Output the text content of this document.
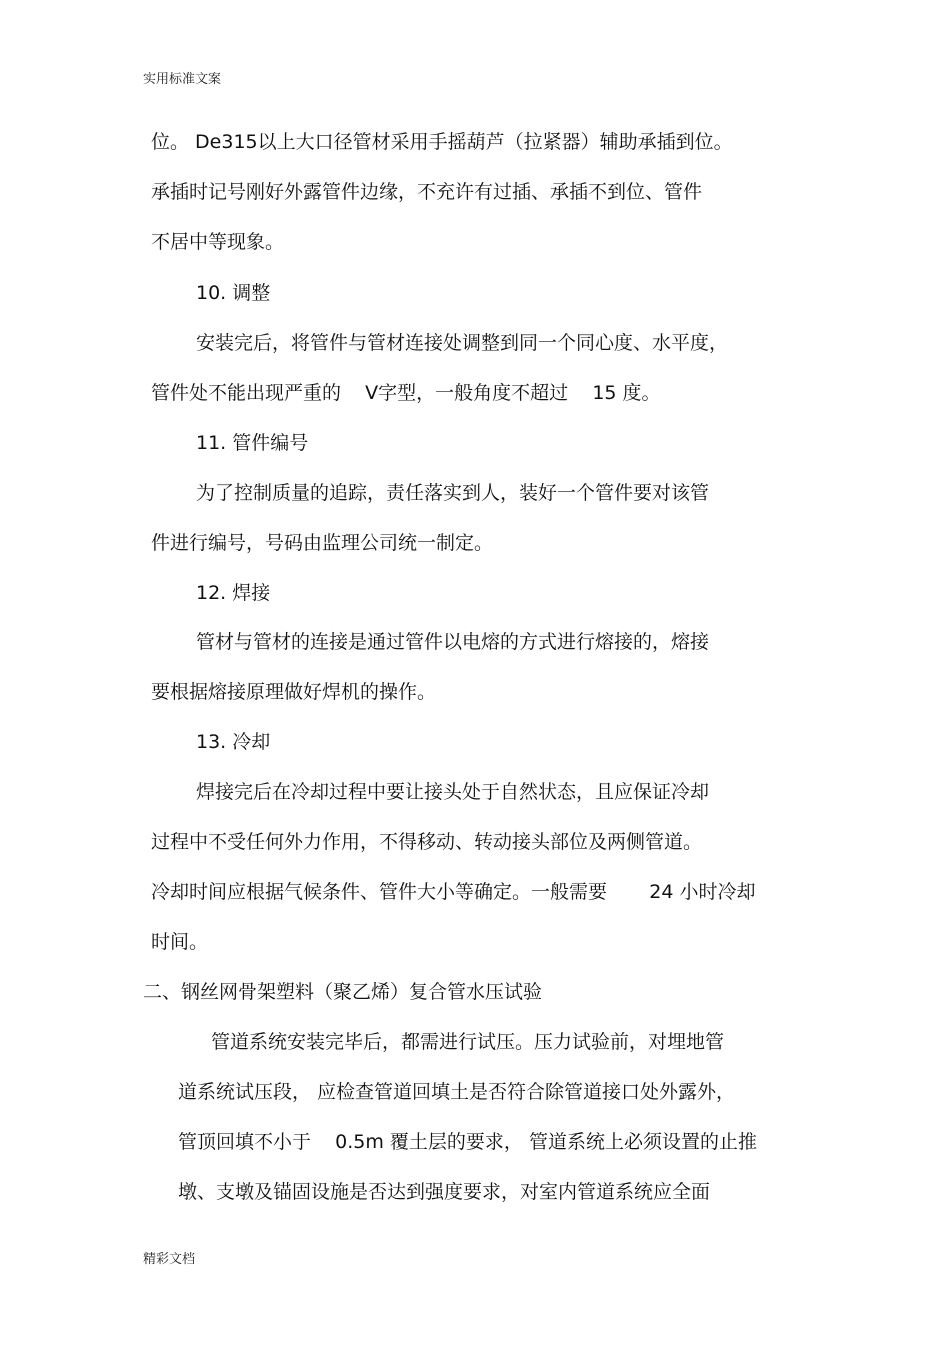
实用标准文案
位。 De315以上大口径管材采用手摇葫芦（拉紧器）辅助承插到位。
承插时记号刚好外露管件边缘，不充许有过插、承插不到位、管件
不居中等现象。
10. 调整
安装完后，将管件与管材连接处调整到同一个同心度、水平度，
管件处不能出现严重的    V字型，一般角度不超过    15 度。
11. 管件编号
为了控制质量的追踪，责任落实到人，装好一个管件要对该管
件进行编号，号码由监理公司统一制定。
12. 焊接
管材与管材的连接是通过管件以电熔的方式进行熔接的，熔接
要根据熔接原理做好焊机的操作。
13. 冷却
焊接完后在冷却过程中要让接头处于自然状态，且应保证冷却
过程中不受任何外力作用，不得移动、转动接头部位及两侧管道。
冷却时间应根据气候条件、管件大小等确定。一般需要       24 小时冷却
时间。
二、钢丝网骨架塑料（聚乙烯）复合管水压试验
管道系统安装完毕后，都需进行试压。压力试验前，对埋地管
道系统试压段， 应检查管道回填土是否符合除管道接口处外露外，
管顶回填不小于    0.5m 覆土层的要求， 管道系统上必须设置的止推
墩、支墩及锚固设施是否达到强度要求，对室内管道系统应全面
精彩文档
